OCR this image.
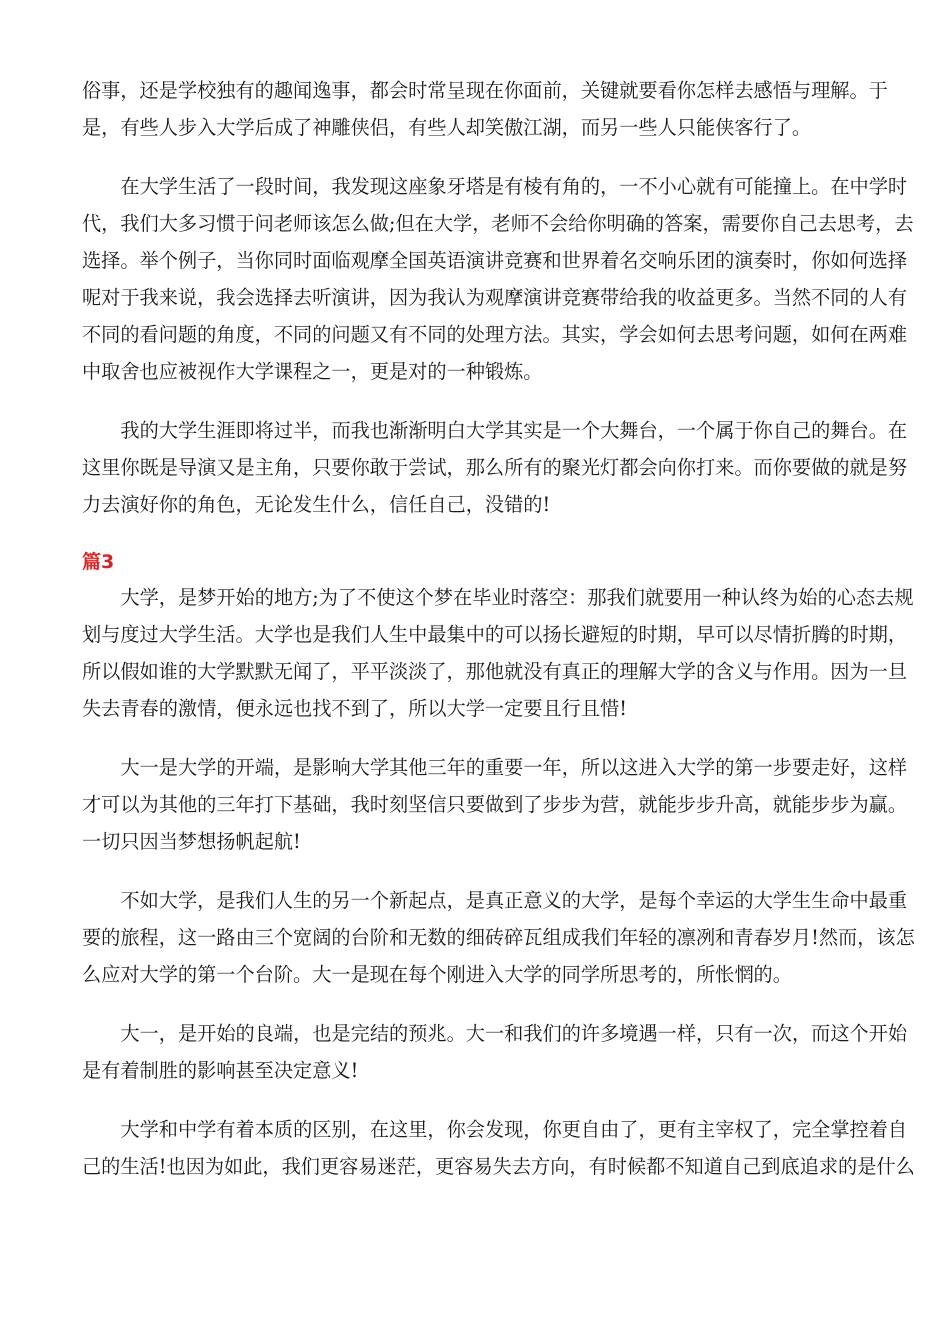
俗事，还是学校独有的趣闻逸事，都会时常呈现在你面前，关键就要看你怎样去感悟与理解。于
是，有些人步入大学后成了神雕侠侣，有些人却笑傲江湖，而另一些人只能侠客行了。

在大学生活了一段时间，我发现这座象牙塔是有棱有角的，一不小心就有可能撞上。在中学时
代，我们大多习惯于问老师该怎么做;但在大学，老师不会给你明确的答案，需要你自己去思考，去
选择。举个例子，当你同时面临观摩全国英语演讲竞赛和世界着名交响乐团的演奏时，你如何选择
呢对于我来说，我会选择去听演讲，因为我认为观摩演讲竞赛带给我的收益更多。当然不同的人有
不同的看问题的角度，不同的问题又有不同的处理方法。其实，学会如何去思考问题，如何在两难
中取舍也应被视作大学课程之一，更是对的一种锻炼。

我的大学生涯即将过半，而我也渐渐明白大学其实是一个大舞台，一个属于你自己的舞台。在
这里你既是导演又是主角，只要你敢于尝试，那么所有的聚光灯都会向你打来。而你要做的就是努
力去演好你的角色，无论发生什么，信任自己，没错的!

篇3

大学，是梦开始的地方;为了不使这个梦在毕业时落空：那我们就要用一种认终为始的心态去规
划与度过大学生活。大学也是我们人生中最集中的可以扬长避短的时期，早可以尽情折腾的时期，
所以假如谁的大学默默无闻了，平平淡淡了，那他就没有真正的理解大学的含义与作用。因为一旦
失去青春的激情，便永远也找不到了，所以大学一定要且行且惜!

大一是大学的开端，是影响大学其他三年的重要一年，所以这进入大学的第一步要走好，这样
才可以为其他的三年打下基础，我时刻坚信只要做到了步步为营，就能步步升高，就能步步为赢。
一切只因当梦想扬帆起航!

不如大学，是我们人生的另一个新起点，是真正意义的大学，是每个幸运的大学生生命中最重
要的旅程，这一路由三个宽阔的台阶和无数的细砖碎瓦组成我们年轻的凛冽和青春岁月!然而，该怎
么应对大学的第一个台阶。大一是现在每个刚进入大学的同学所思考的，所怅惘的。

大一，是开始的良端，也是完结的预兆。大一和我们的许多境遇一样，只有一次，而这个开始
是有着制胜的影响甚至决定意义!

大学和中学有着本质的区别，在这里，你会发现，你更自由了，更有主宰权了，完全掌控着自
己的生活!也因为如此，我们更容易迷茫，更容易失去方向，有时候都不知道自己到底追求的是什么
